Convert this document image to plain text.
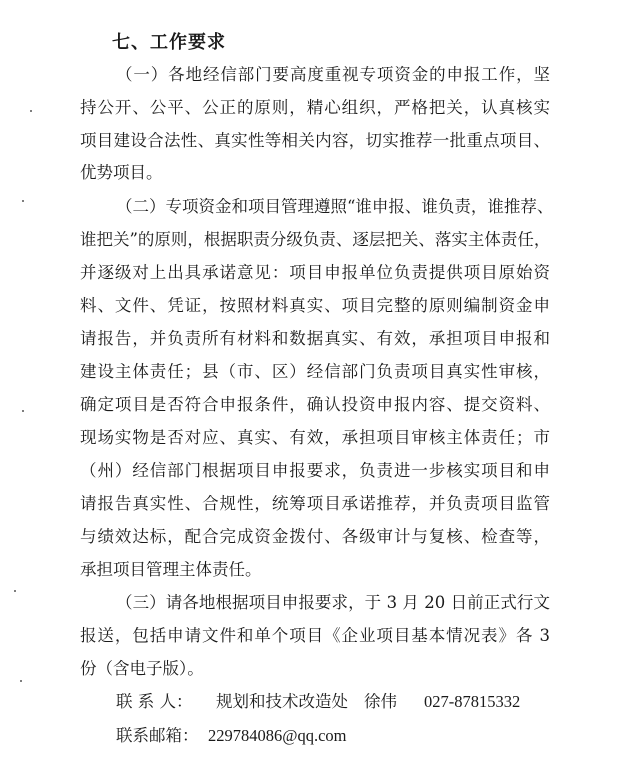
七、工作要求
（一）各地经信部门要高度重视专项资金的申报工作，坚
持公开、公平、公正的原则，精心组织，严格把关，认真核实
项目建设合法性、真实性等相关内容，切实推荐一批重点项目、
优势项目。
（二）专项资金和项目管理遵照“谁申报、谁负责，谁推荐、
谁把关”的原则，根据职责分级负责、逐层把关、落实主体责任，
并逐级对上出具承诺意见：项目申报单位负责提供项目原始资
料、文件、凭证，按照材料真实、项目完整的原则编制资金申
请报告，并负责所有材料和数据真实、有效，承担项目申报和
建设主体责任；县（市、区）经信部门负责项目真实性审核，
确定项目是否符合申报条件，确认投资申报内容、提交资料、
现场实物是否对应、真实、有效，承担项目审核主体责任；市
（州）经信部门根据项目申报要求，负责进一步核实项目和申
请报告真实性、合规性，统筹项目承诺推荐，并负责项目监管
与绩效达标，配合完成资金拨付、各级审计与复核、检查等，
承担项目管理主体责任。
（三）请各地根据项目申报要求，于 3 月 20 日前正式行文
报送，包括申请文件和单个项目《企业项目基本情况表》各 3
份（含电子版）。
联 系 人： 规划和技术改造处 徐伟 027-87815332
联系邮箱： 229784086@qq.com
